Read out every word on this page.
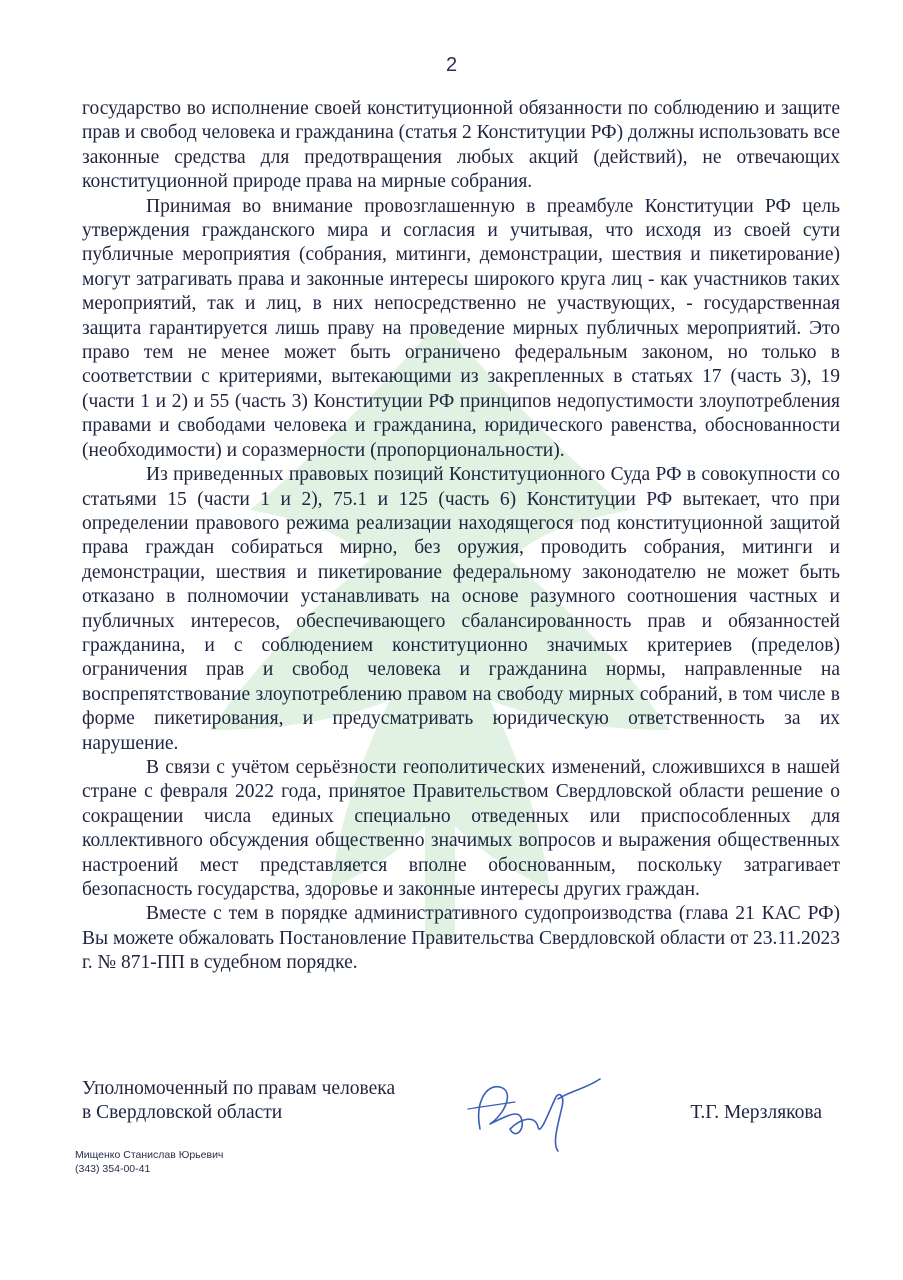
2

государство во исполнение своей конституционной обязанности по соблюдению и защите прав и свобод человека и гражданина (статья 2 Конституции РФ) должны использовать все законные средства для предотвращения любых акций (действий), не отвечающих конституционной природе права на мирные собрания.

Принимая во внимание провозглашенную в преамбуле Конституции РФ цель утверждения гражданского мира и согласия и учитывая, что исходя из своей сути публичные мероприятия (собрания, митинги, демонстрации, шествия и пикетирование) могут затрагивать права и законные интересы широкого круга лиц - как участников таких мероприятий, так и лиц, в них непосредственно не участвующих, - государственная защита гарантируется лишь праву на проведение мирных публичных мероприятий. Это право тем не менее может быть ограничено федеральным законом, но только в соответствии с критериями, вытекающими из закрепленных в статьях 17 (часть 3), 19 (части 1 и 2) и 55 (часть 3) Конституции РФ принципов недопустимости злоупотребления правами и свободами человека и гражданина, юридического равенства, обоснованности (необходимости) и соразмерности (пропорциональности).

Из приведенных правовых позиций Конституционного Суда РФ в совокупности со статьями 15 (части 1 и 2), 75.1 и 125 (часть 6) Конституции РФ вытекает, что при определении правового режима реализации находящегося под конституционной защитой права граждан собираться мирно, без оружия, проводить собрания, митинги и демонстрации, шествия и пикетирование федеральному законодателю не может быть отказано в полномочии устанавливать на основе разумного соотношения частных и публичных интересов, обеспечивающего сбалансированность прав и обязанностей гражданина, и с соблюдением конституционно значимых критериев (пределов) ограничения прав и свобод человека и гражданина нормы, направленные на воспрепятствование злоупотреблению правом на свободу мирных собраний, в том числе в форме пикетирования, и предусматривать юридическую ответственность за их нарушение.

В связи с учётом серьёзности геополитических изменений, сложившихся в нашей стране с февраля 2022 года, принятое Правительством Свердловской области решение о сокращении числа единых специально отведенных или приспособленных для коллективного обсуждения общественно значимых вопросов и выражения общественных настроений мест представляется вполне обоснованным, поскольку затрагивает безопасность государства, здоровье и законные интересы других граждан.

Вместе с тем в порядке административного судопроизводства (глава 21 КАС РФ) Вы можете обжаловать Постановление Правительства Свердловской области от 23.11.2023 г. № 871-ПП в судебном порядке.

Уполномоченный по правам человека
в Свердловской области	Т.Г. Мерзлякова
Мищенко Станислав Юрьевич
(343) 354-00-41
